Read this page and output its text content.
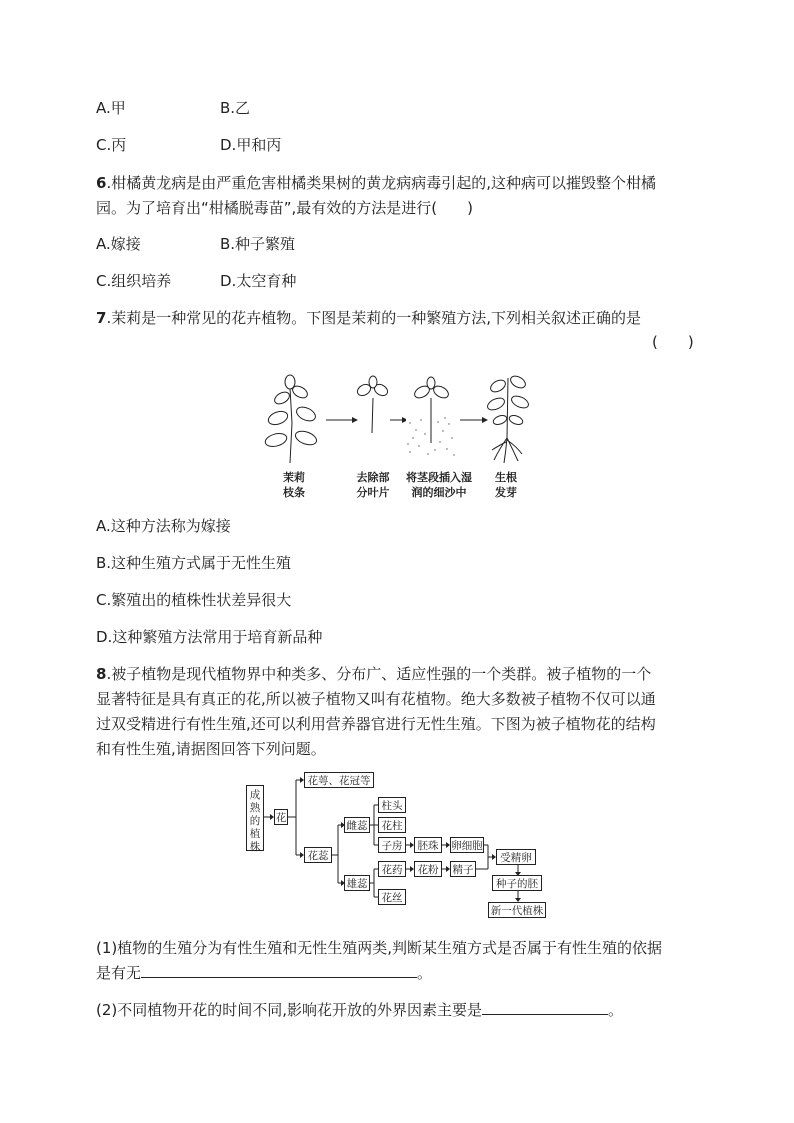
A.甲	B.乙
C.丙	D.甲和丙
6.柑橘黄龙病是由严重危害柑橘类果树的黄龙病病毒引起的,这种病可以摧毁整个柑橘
园。为了培育出“柑橘脱毒苗”,最有效的方法是进行(　　)
A.嫁接	B.种子繁殖
C.组织培养	D.太空育种
7.茉莉是一种常见的花卉植物。下图是茉莉的一种繁殖方法,下列相关叙述正确的是
(　　)
茉莉
枝条
去除部
分叶片
将茎段插入湿
润的细沙中
生根
发芽
A.这种方法称为嫁接
B.这种生殖方式属于无性生殖
C.繁殖出的植株性状差异很大
D.这种繁殖方法常用于培育新品种
8.被子植物是现代植物界中种类多、分布广、适应性强的一个类群。被子植物的一个
显著特征是具有真正的花,所以被子植物又叫有花植物。绝大多数被子植物不仅可以通
过双受精进行有性生殖,还可以利用营养器官进行无性生殖。下图为被子植物花的结构
和有性生殖,请据图回答下列问题。
成熟的植株
花
花萼、花冠等
花蕊
雌蕊
柱头
花柱
子房	胚珠	卵细胞
雄蕊
花药	花粉	精子
花丝
受精卵
种子的胚
新一代植株
(1)植物的生殖分为有性生殖和无性生殖两类,判断某生殖方式是否属于有性生殖的依据
是有无	。
(2)不同植物开花的时间不同,影响花开放的外界因素主要是	。
